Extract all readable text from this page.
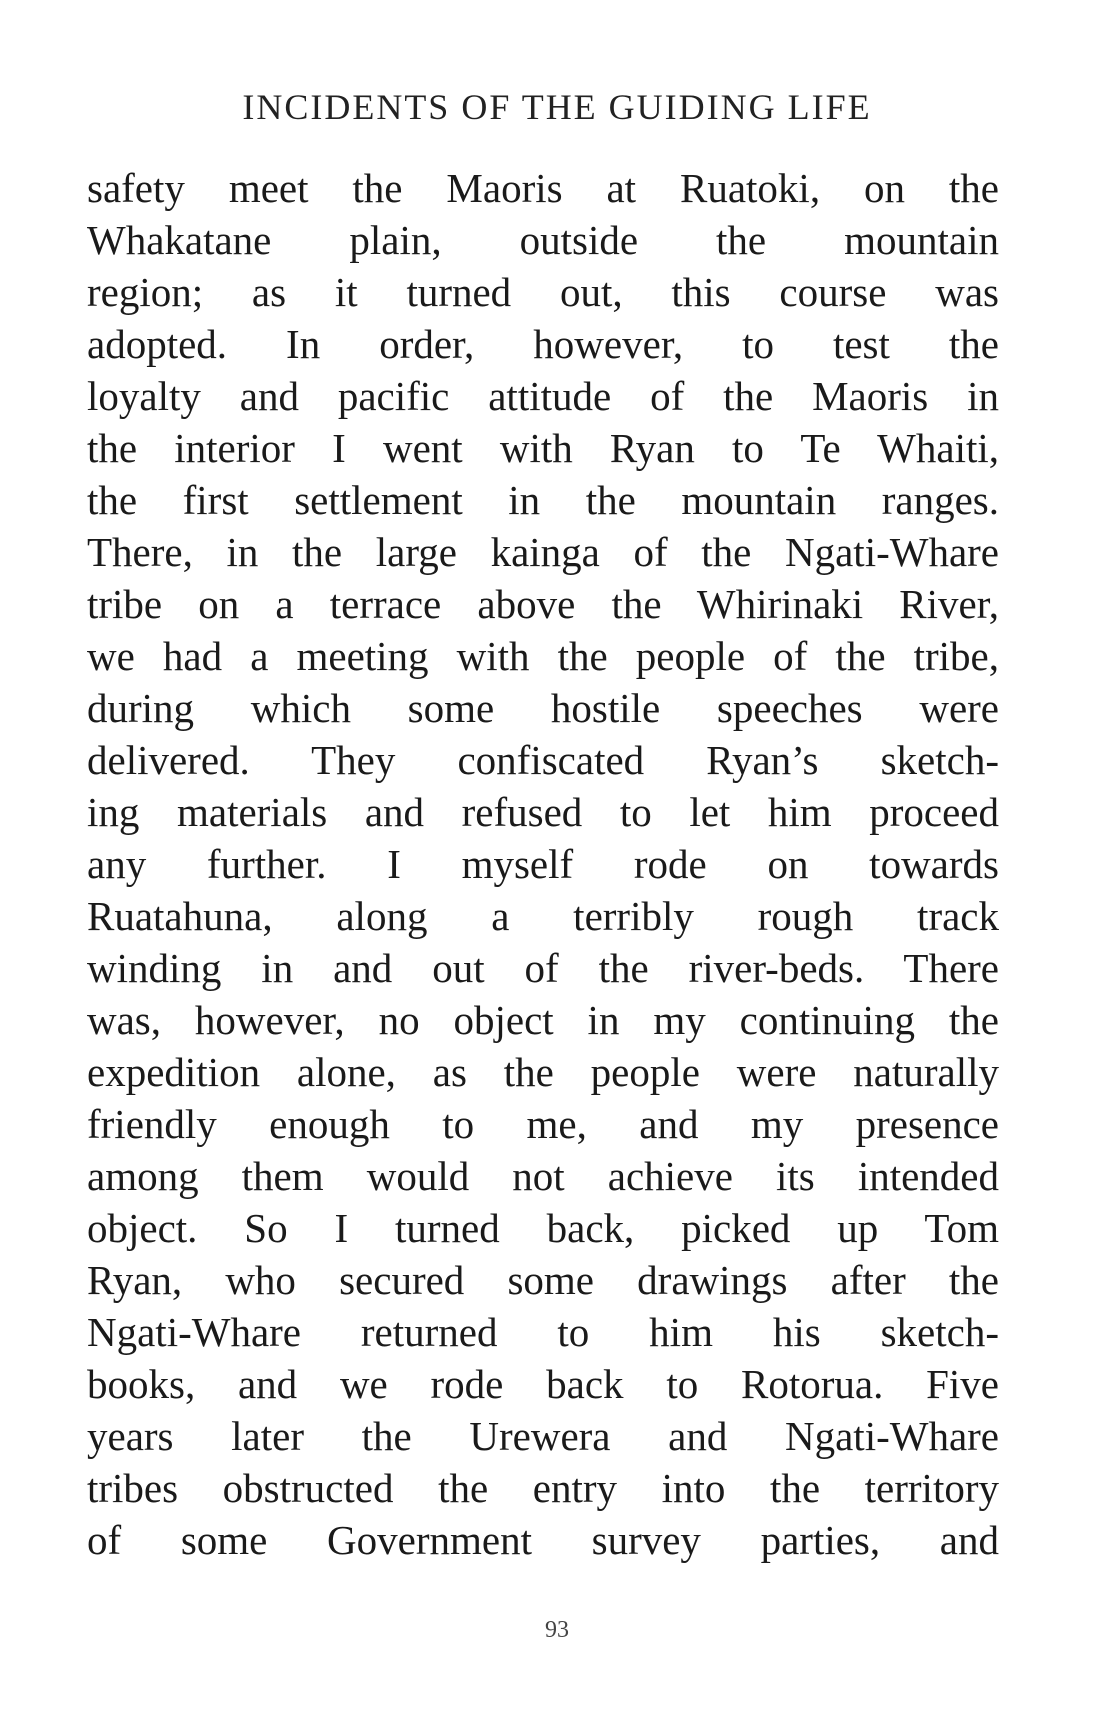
INCIDENTS OF THE GUIDING LIFE
safety meet the Maoris at Ruatoki, on the
Whakatane plain, outside the mountain
region; as it turned out, this course was
adopted. In order, however, to test the
loyalty and pacific attitude of the Maoris in
the interior I went with Ryan to Te Whaiti,
the first settlement in the mountain ranges.
There, in the large kainga of the Ngati-Whare
tribe on a terrace above the Whirinaki River,
we had a meeting with the people of the tribe,
during which some hostile speeches were
delivered. They confiscated Ryan’s sketch-
ing materials and refused to let him proceed
any further. I myself rode on towards
Ruatahuna, along a terribly rough track
winding in and out of the river-beds. There
was, however, no object in my continuing the
expedition alone, as the people were naturally
friendly enough to me, and my presence
among them would not achieve its intended
object. So I turned back, picked up Tom
Ryan, who secured some drawings after the
Ngati-Whare returned to him his sketch-
books, and we rode back to Rotorua. Five
years later the Urewera and Ngati-Whare
tribes obstructed the entry into the territory
of some Government survey parties, and
93
